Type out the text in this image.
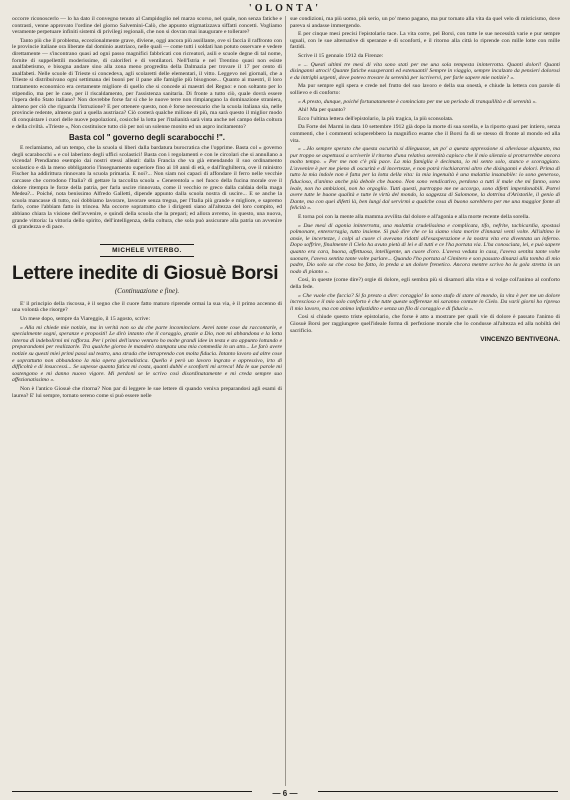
'OLONTA'

occorre riconoscerlo — lo ha dato il convegno tenuto al Campidoglio nel marzo scorso, nel quale, non senza fatiche e contrasti, venne approvato l'ordine del giorno Salvemini-Calò, che appunto stigmatizzava siffatti concetti. Vogliamo veramente perpetuare infiniti sistemi di privilegi regionali, che non si dovran mai inaugurare e tollerare?

Tanto più che il problema, eccezionalmente grave, diviene, oggi ancora più assillante, ove si faccia il raffronto con le provincie italiane ora liberate dal dominio austriaco, nelle quali — come tutti i soldati han potuto osservare e vedere direttamente — s'incontrano quasi ad ogni passo magnifici fabbricati con ricreatori, asili e scuole degne di tal nome, fornite di suppellettili moderissime, di caloriferi e di ventilatori. Nell'Istria e nel Trentino quasi non esiste analfabetismo, e bisogna andare sino alla zona meno progredita della Dalmazia per trovare il 17 per cento di analfabeti. Nelle scuole di Trieste si concedeva, agli scolaretti delle elementari, il vitto. Leggevo nei giornali, che a Trieste si distribuivano ogni settimana dei buoni per il pane alle famiglie più bisognose... Quanto ai maestri, il loro trattamento economico era certamente migliore di quello che si concede ai maestri del Regno: e non soltanto per lo stipendio, ma per le case, per il riscaldamento, per l'assistenza sanitaria. Di fronte a tutto ciò, quale dovrà essere l'opera dello Stato italiano? Non dovrebbe forse far sì che le nuove terre non rimpiangano la dominazione straniera, almeno per ciò che riguarda l'istruzione? E per ottenere questo, non è forse necessario che la scuola italiana sia, nelle provincie redente, almeno pari a quella austriaca? Ciò costerà qualche milione di più, ma sarà questo il miglior modo di conquistare i cuori delle nuove popolazioni, cosicché la lotta per l'italianità sarà vinta anche nel campo della coltura e della civiltà. «Trieste », Non costituisce tutto ciò per noi un solenne monito ed un aspro incitamento?

Basta col " governo degli scarabocchi !".

E reclamiamo, ad un tempo, che la scuola si liberi dalla bardatura burocratica che l'opprime. Basta col « governo degli scarabocchi » e col laberinto degli uffici scolastici! Basta con i regolamenti e con le circolari che si annullano a vicenda! Prendiamo esempio dai nostri stessi alleati: dalla Francia che va già emendando il suo ordinamento scolastico e dà la meno obbligatorio l'insegnamento superiore fino ai 18 anni di età, e dall'Inghilterra, ove il ministro Fischer ha addirittura rinnovato la scuola primaria. E noi?... Non siam noi capaci di affondare il ferro nelle vecchie carcasse che corrodono l'Italia? di gettare la taccolita scuola « Cenerentola » nel fuoco della fucina morale ove il dolore ritempra le forze della patria, per farla uscire rinnovata, come il vecchio re greco dalla caldaia della maga Medea?... Poiché, nota benissimo Alfredo Galletti, dipende appunto dalla scuola nostra di uscire... E se anche la scuola mancasse di tutto, noi dobbiamo lavorare, lavorare senza tregua, per l'Italia più grande e migliore, e sapremo farlo, come l'abbiam fatto in trincea. Ma occorre soprattutto che i dirigenti siano all'altezza del loro compito, ed abbiano chiara la visione dell'avvenire, e quindi della scuola che la prepari; ed allora avremo, in questo, una nuova, grande vittoria: la vittoria dello spirito, dell'intelligenza, della coltura, che sola può assicurare alla patria un avvenire di grandezza e di pace.

MICHELE VITERBO.
Lettere inedite di Giosuè Borsi
(Continuazione e fine).

E' il principio della riscossa, è il segno che il cuore fatto maturo riprende ormai la sua via, è il primo accenno di una volontà che risorge?

Un mese dopo, sempre da Viareggio, il 15 agosto, scrive:

« Alla mi chiede mie notizie, ma in verità non so da che parte incominciare. Avrei tante cose da raccontarle, e specialmente sogni, speranze e propositi! Le dirò intanto che il coraggio, grazie a Dio, non mi abbandona e la lotta interna di indebolirmi mi rafforza. Per i primi dell'anno venturo ho molte grandi idee in testa e sto appunto lottando e preparandomi per realizzarle. Tra qualche giorno le manderò stampata una mia commedia in un atto... Le farò avere notizie su questi miei primi passi sul teatro, una strada che intraprendo con molta fiducia. Intanto lavoro ad altre cose e soprattutto non abbandono la mia opera giornalistica. Quello è però un lavoro ingrato e oppressivo, irto di difficoltà e di insuccessi... Se sapesse quanta fatica mi costa, quanti dubbi e sconforti mi arreca! Ma le sue parole mi sostengono e mi danno nuovo vigore. Mi perdoni se le scrivo così disordinatamente e mi creda sempre suo affezionatissimo ».

Non è l'antico Giosuè che ritorna? Non par di leggere le sue lettere di quando veniva preparandosi agli esami di laurea? E' lui sempre, tornato sereno come si può essere nelle

sue condizioni, ma più uomo, più serio, un po' meno pagano, ma pur tornato alla vita da quel velo di misticismo, dove pareva si andasse immergendo.

E per cinque mesi precisi l'epistolario tace. La vita corre, pel Borsi, con tutte le sue necessità varie e pur sempre uguali, con le sue alternative di speranze e di sconforti, e il ritorno alla città lo riprende con mille lotte con mille fastidi.

Scrive il 15 gennaio 1912 da Firenze:

« ... Questi ultimi tre mesi di vita sono stati per me una sola tempesta ininterrotta. Quanti dolori! Quanti disinganni atroci! Quante fatiche esasperanti ed estenuanti! Sempre in viaggio, sempre incalzato da pensieri dolorosi e da intrighi urgenti, dove potevo trovare la serenità per iscrivervi, per farle sapere mie notizie? ».

Ma pur sempre egli spera e crede nel frutto del suo lavoro e della sua onestà, e chiude la lettera con parole di sollievo e di conforto:

« A presto, dunque, poiché fortunatamente è cominciato per me un periodo di tranquillità e di serenità ».

Ahi! Ma per quanto?

Ecco l'ultima lettera dell'epistolario, la più tragica, la più sconsolata.

Da Forte dei Marmi in data 10 settembre 1912 già dopo la morte di sua sorella, e la riporto quasi per intiero, senza commenti, che i commenti sciuperebbero la magnifico esame che il Borsi fa di se stesso di fronte al mondo ed alla vita.

« ...Ho sempre sperato che questa oscurità si dileguasse, un po' a questa oppressione si alleviasse alquanto, ma pur troppo se aspettassi a scriverle il ritorno d'una relativa serenità capisco che il mio silenzio si protrarrebbe ancora molto tempo. « Per me non c'è più pace. La mia famiglia è decimata, io mi sento solo, stanco e scoraggiato. L'avvenire è per me pieno di oscurità e di incertezze, e non potrà rischiararmi altro che disinganni e dolori. Prima di tutto la mia indole non è fatta per la lotta della vita: la mia ingenuità è una malattia insanabile: io sono generoso, fiducioso, d'animo anche più debole che buono. Non sono vendicativo, perdono a tutti il male che mi fanno, sono leale, non ho ambizioni, non ho orgoglio. Tutti questi, purtroppo me ne accorgo, sono difetti imperdonabili. Potrei avere tutte le buone qualità e tutte le virtù del mondo, la saggezza di Salomone, la dottrina d'Aristotile, il genio di Dante, ma con quei difetti là, ben lungi dal servirmi a qualche cosa di buono sarebbero per me una maggior fonte di felicità ».

E torna poi con la mente alla mamma avvilita dal dolore e all'agonia e alla morte recente della sorella.

« Due mesi di agonia ininterrotta, una malattia crudelissima e complicata, tifo, nefrite, tachicardia, spostasi polmonare, enterorragia, tutto insieme. Si può dire che ce la siamo vista morire d'innanzi venti volte. All'ultimo le ansie, le incertezze, i colpi al cuore ci avevano ridotti all'esasperazione e la nostra vita era diventata un inferno. Dopo soffrire, finalmente il Cielo ha avuto pietà di lei e di tutti e ce l'ha portata via. L'ha conosciuta, lei, e può sapere quanto era cara, buona, affettuosa, intelligente, un cuore d'oro. L'aveva veduta in casa, l'aveva sentita tante volte suonare, l'aveva sentita tante volte parlare... Quando l'ho portata al Cimitero e son passato dinanzi alla tomba di mio padre, Dio solo sa che cosa ho fatto, in preda a un dolore frenetico. Ancora mentre scrivo ho la gola stretta in un nodo di pianto ».

Così, in queste (come dire?) orgie di dolore, egli sembra più si disamori alla vita e si volge coll'animo al conforto della fede.

« Che vuole che faccia? Si fa presto a dire: coraggio! Io sono stufo di stare al mondo, la vita è per me un dolore increscioso e il mio solo conforto è che tutte queste sofferenze mi saranno contate in Cielo. Da varii giorni ho ripreso il mio lavoro, ma con animo infastidito e senza un filo di coraggio e di fiducia ».

Così si chiude questo triste epistolario, che forse è atto a mostrare per quali vie di dolore è passato l'animo di Giosuè Borsi per raggiungere quell'ideale forma di perfezione morale che lo condusse all'altezza ed alla nobiltà del sacrificio.

VINCENZO BENTIVEGNA.
— 6 —
